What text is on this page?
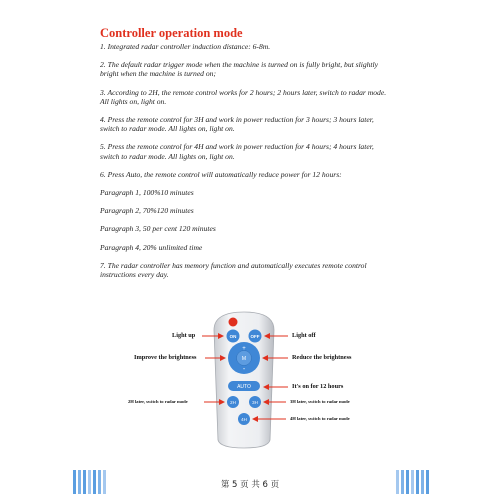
Controller operation mode

1. Integrated radar controller induction distance: 6-8m.

2. The default radar trigger mode when the machine is turned on is fully bright, but slightly bright when the machine is turned on;

3. According to 2H, the remote control works for 2 hours; 2 hours later, switch to radar mode. All lights on, light on.

4. Press the remote control for 3H and work in power reduction for 3 hours; 3 hours later, switch to radar mode. All lights on, light on.

5. Press the remote control for 4H and work in power reduction for 4 hours; 4 hours later, switch to radar mode. All lights on, light on.

6. Press Auto, the remote control will automatically reduce power for 12 hours:

Paragraph 1, 100%10 minutes

Paragraph 2, 70%120 minutes

Paragraph 3, 50 per cent 120 minutes

Paragraph 4, 20% unlimited time

7. The radar controller has memory function and automatically executes remote control instructions every day.

ON	OFF
+
M
-
AUTO
2H	3H
4H
Light up	Light off
Improve the brightness	Reduce the brightness
It's on for 12 hours
2H later, switch to radar mode	3H later, switch to radar mode
4H later, switch to radar mode
第 5 页 共 6 页
